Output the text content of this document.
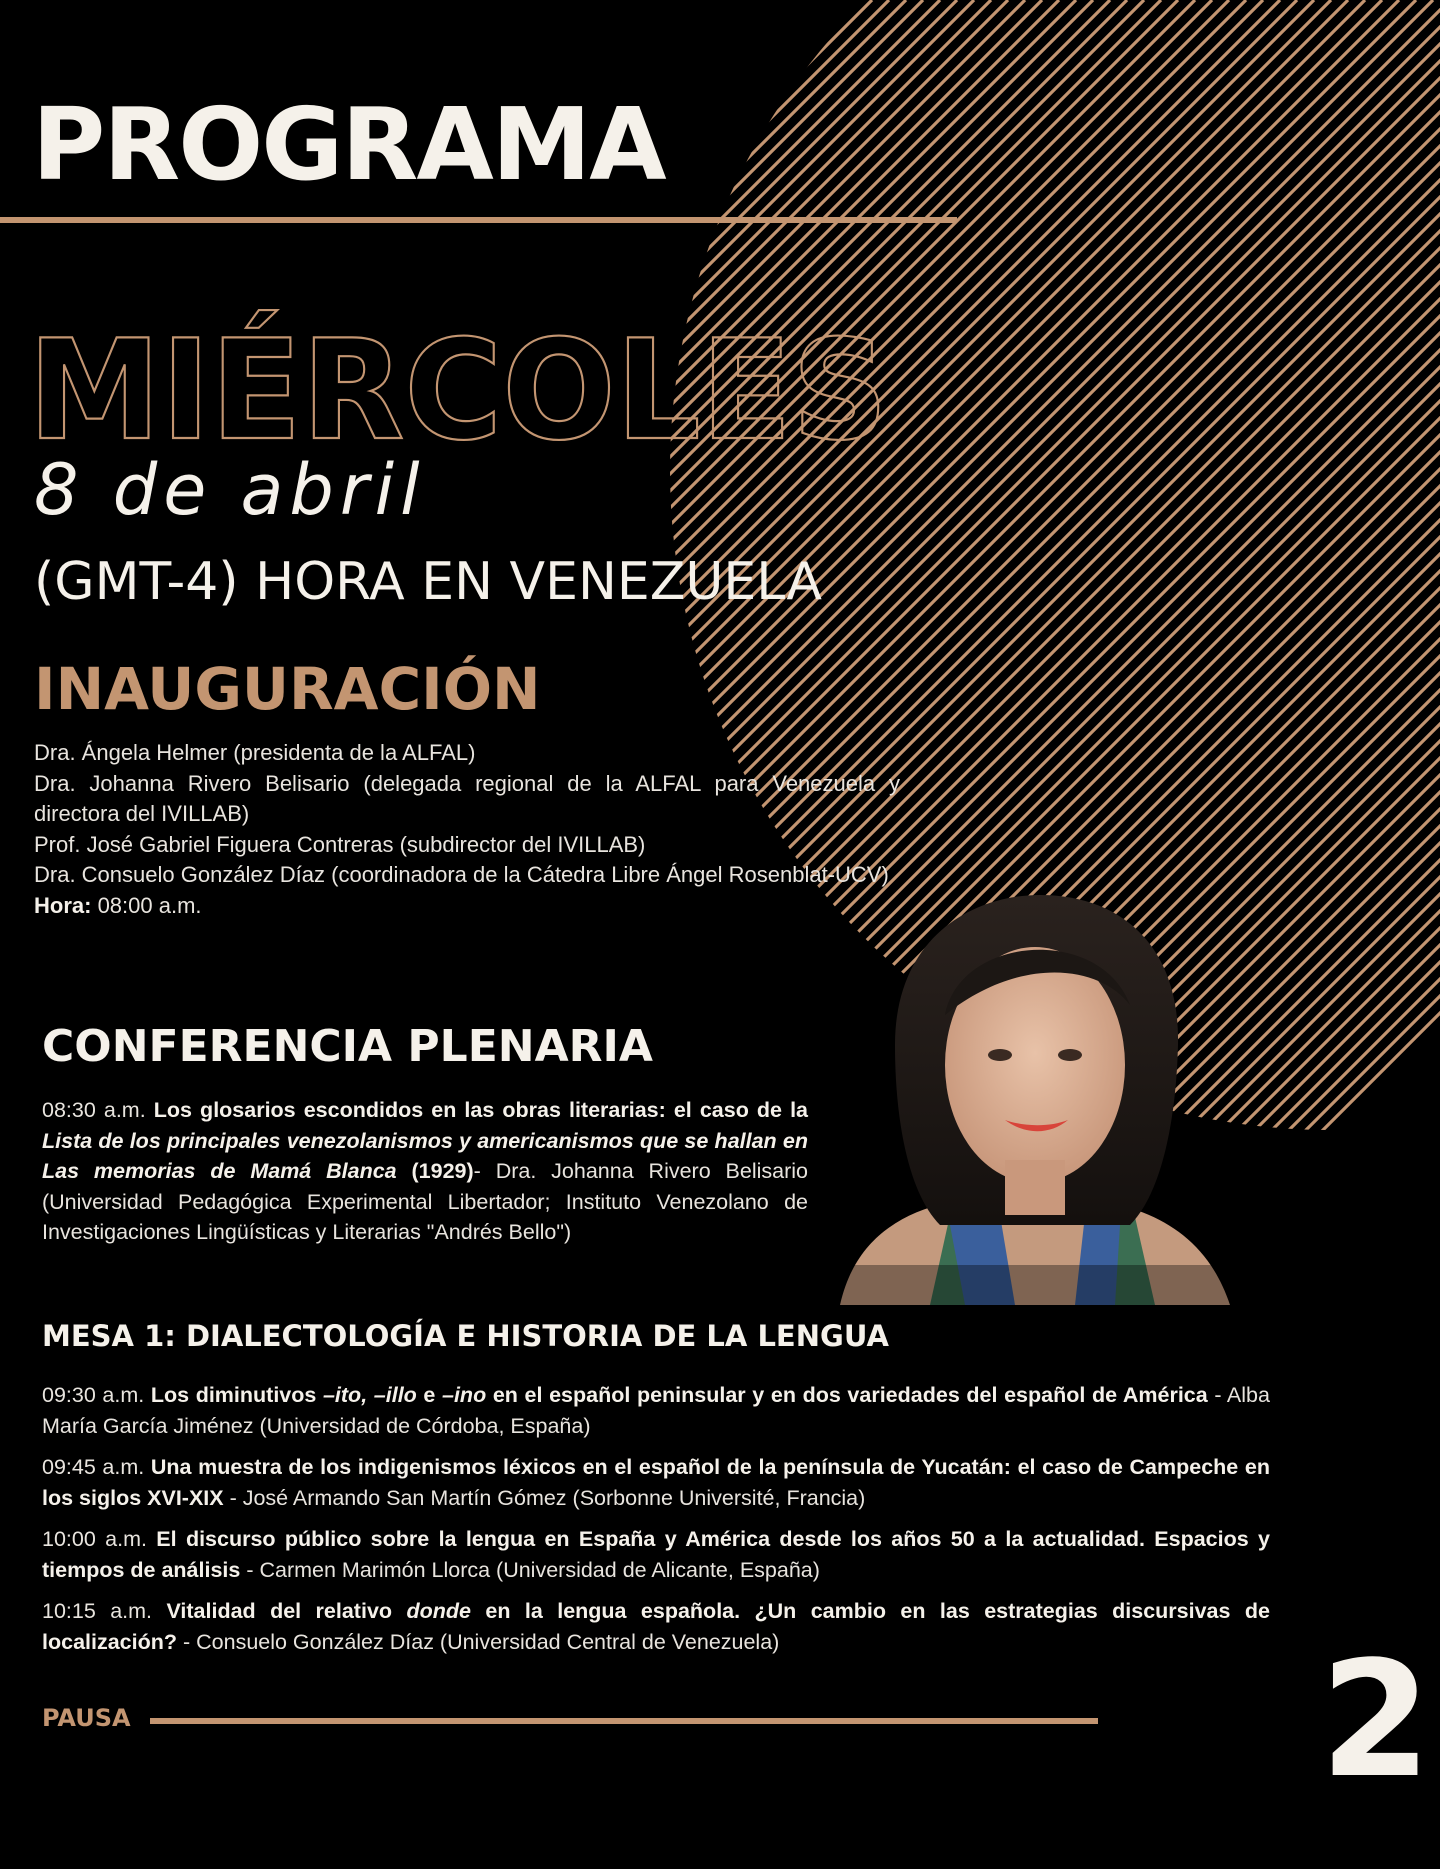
PROGRAMA
MIÉRCOLES
8 de abril
(GMT-4) HORA EN VENEZUELA
INAUGURACIÓN
Dra. Ángela Helmer (presidenta de la ALFAL)
Dra. Johanna Rivero Belisario (delegada regional de la ALFAL para Venezuela y directora del IVILLAB)
Prof. José Gabriel Figuera Contreras (subdirector del IVILLAB)
Dra. Consuelo González Díaz (coordinadora de la Cátedra Libre Ángel Rosenblat-UCV)
Hora: 08:00 a.m.
CONFERENCIA PLENARIA

08:30 a.m. Los glosarios escondidos en las obras literarias: el caso de la Lista de los principales venezolanismos y americanismos que se hallan en Las memorias de Mamá Blanca (1929)- Dra. Johanna Rivero Belisario (Universidad Pedagógica Experimental Libertador; Instituto Venezolano de Investigaciones Lingüísticas y Literarias "Andrés Bello")

MESA 1: DIALECTOLOGÍA E HISTORIA DE LA LENGUA
09:30 a.m. Los diminutivos –ito, –illo e –ino en el español peninsular y en dos variedades del español de América - Alba María García Jiménez (Universidad de Córdoba, España)
09:45 a.m. Una muestra de los indigenismos léxicos en el español de la península de Yucatán: el caso de Campeche en los siglos XVI-XIX - José Armando San Martín Gómez (Sorbonne Université, Francia)
10:00 a.m. El discurso público sobre la lengua en España y América desde los años 50 a la actualidad. Espacios y tiempos de análisis - Carmen Marimón Llorca (Universidad de Alicante, España)
10:15 a.m. Vitalidad del relativo donde en la lengua española. ¿Un cambio en las estrategias discursivas de localización? - Consuelo González Díaz (Universidad Central de Venezuela)
PAUSA	2
